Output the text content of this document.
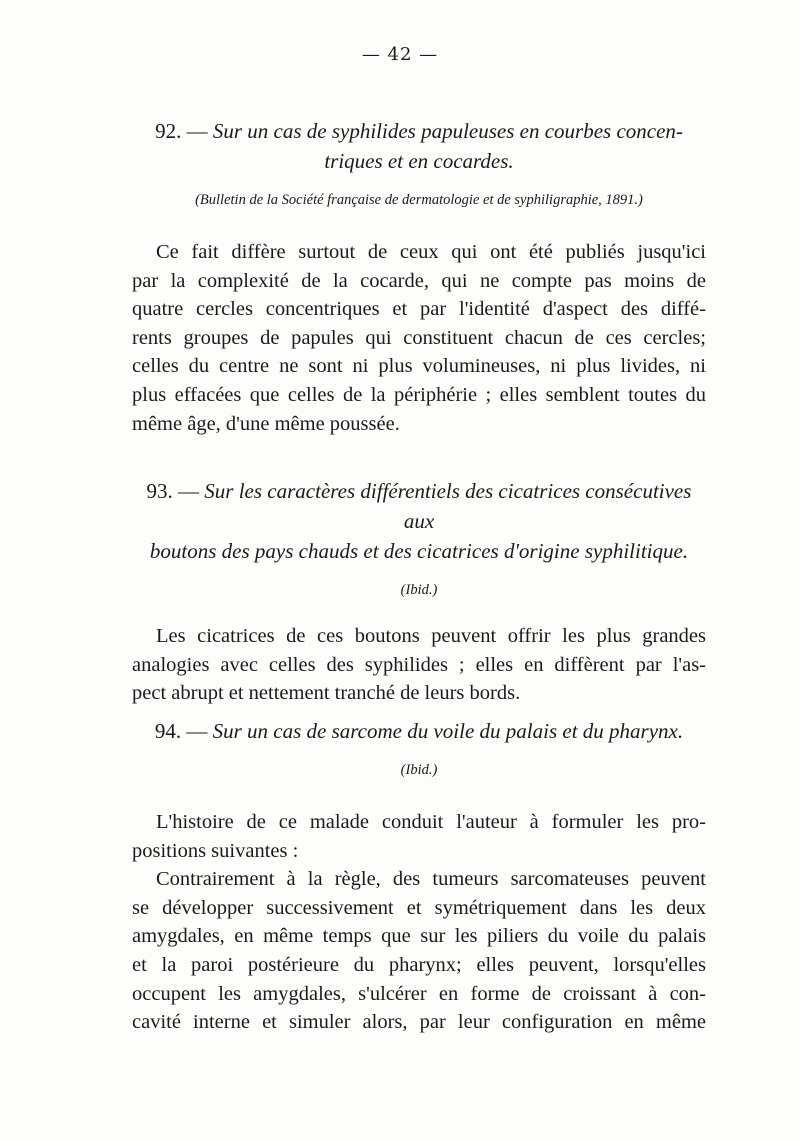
— 42 —
92. — Sur un cas de syphilides papuleuses en courbes concen-
triques et en cocardes.
(Bulletin de la Société française de dermatologie et de syphiligraphie, 1891.)
Ce fait diffère surtout de ceux qui ont été publiés jusqu'ici
par la complexité de la cocarde, qui ne compte pas moins de
quatre cercles concentriques et par l'identité d'aspect des diffé-
rents groupes de papules qui constituent chacun de ces cercles;
celles du centre ne sont ni plus volumineuses, ni plus livides, ni
plus effacées que celles de la périphérie ; elles semblent toutes du
même âge, d'une même poussée.
93. — Sur les caractères différentiels des cicatrices consécutives aux
boutons des pays chauds et des cicatrices d'origine syphilitique.
(Ibid.)
Les cicatrices de ces boutons peuvent offrir les plus grandes
analogies avec celles des syphilides ; elles en diffèrent par l'as-
pect abrupt et nettement tranché de leurs bords.
94. — Sur un cas de sarcome du voile du palais et du pharynx.
(Ibid.)
L'histoire de ce malade conduit l'auteur à formuler les pro-
positions suivantes :
Contrairement à la règle, des tumeurs sarcomateuses peuvent
se développer successivement et symétriquement dans les deux
amygdales, en même temps que sur les piliers du voile du palais
et la paroi postérieure du pharynx; elles peuvent, lorsqu'elles
occupent les amygdales, s'ulcérer en forme de croissant à con-
cavité interne et simuler alors, par leur configuration en même
